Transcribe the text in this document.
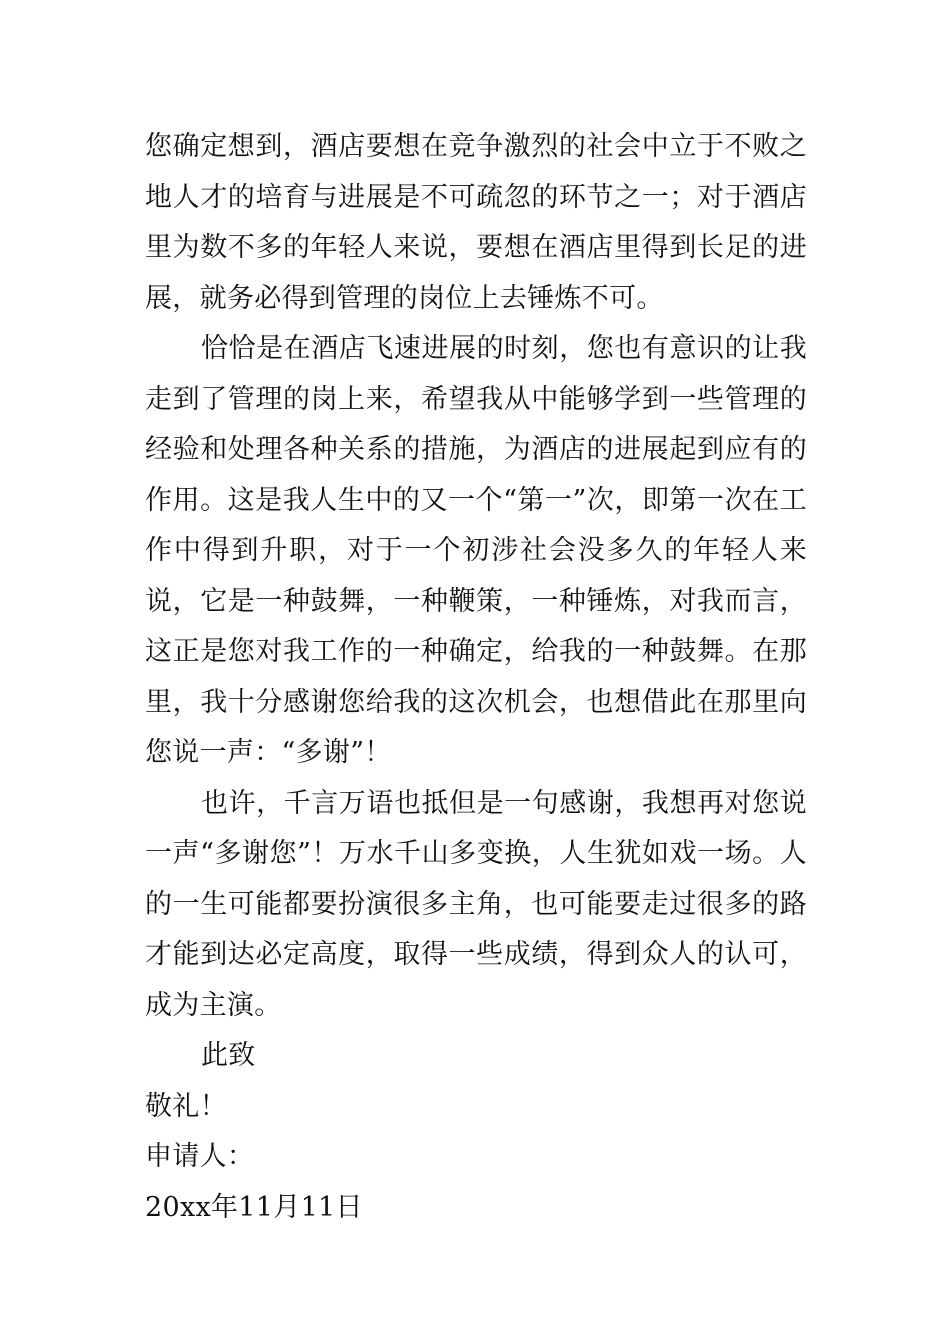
您确定想到，酒店要想在竞争激烈的社会中立于不败之地人才的培育与进展是不可疏忽的环节之一；对于酒店里为数不多的年轻人来说，要想在酒店里得到长足的进展，就务必得到管理的岗位上去锤炼不可。

恰恰是在酒店飞速进展的时刻，您也有意识的让我走到了管理的岗上来，希望我从中能够学到一些管理的经验和处理各种关系的措施，为酒店的进展起到应有的作用。这是我人生中的又一个“第一”次，即第一次在工作中得到升职，对于一个初涉社会没多久的年轻人来说，它是一种鼓舞，一种鞭策，一种锤炼，对我而言，这正是您对我工作的一种确定，给我的一种鼓舞。在那里，我十分感谢您给我的这次机会，也想借此在那里向您说一声：“多谢”！

也许，千言万语也抵但是一句感谢，我想再对您说一声“多谢您”！万水千山多变换，人生犹如戏一场。人的一生可能都要扮演很多主角，也可能要走过很多的路才能到达必定高度，取得一些成绩，得到众人的认可，成为主演。

此致

敬礼！

申请人：

20xx年11月11日
